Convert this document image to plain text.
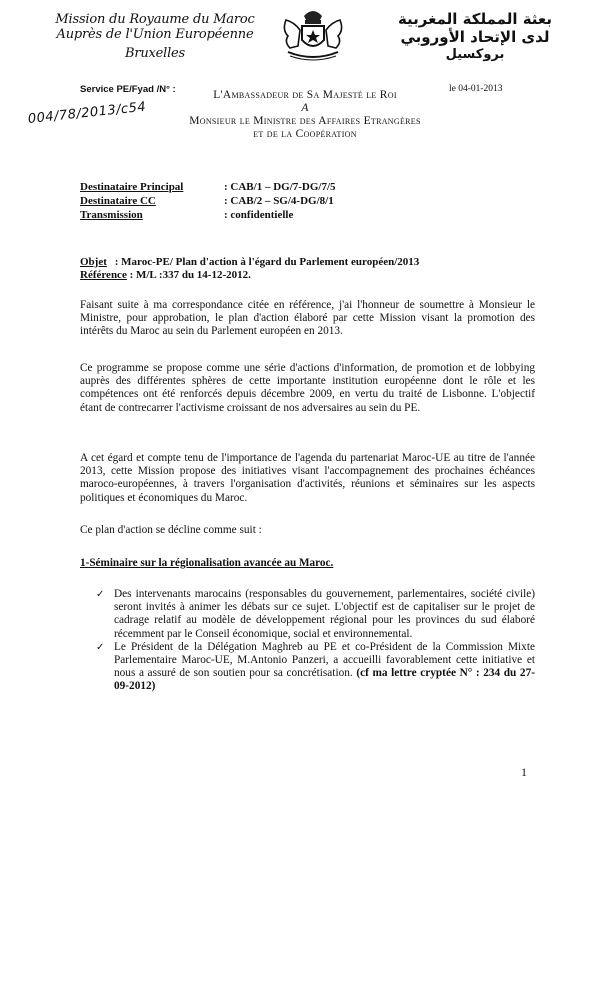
Mission du Royaume du Maroc
Auprès de l'Union Européenne
Bruxelles
بعثة المملكة المغربية
لدى الإتحاد الأوروبي
بروكسيل
Service PE/Fyad /N° :	le 04-01-2013
004/78/2013/c54
L'Ambassadeur de Sa Majesté le Roi
A
Monsieur le Ministre des Affaires Etrangères
et de la Coopération
Destinataire Principal	: CAB/1 – DG/7-DG/7/5
Destinataire CC	: CAB/2 – SG/4-DG/8/1
Transmission	: confidentielle
Objet : Maroc-PE/ Plan d'action à l'égard du Parlement européen/2013
Référence : M/L :337 du 14-12-2012.
Faisant suite à ma correspondance citée en référence, j'ai l'honneur de soumettre à Monsieur le Ministre, pour approbation, le plan d'action élaboré par cette Mission visant la promotion des intérêts du Maroc au sein du Parlement européen en 2013.
Ce programme se propose comme une série d'actions d'information, de promotion et de lobbying auprès des différentes sphères de cette importante institution européenne dont le rôle et les compétences ont été renforcés depuis décembre 2009, en vertu du traité de Lisbonne. L'objectif étant de contrecarrer l'activisme croissant de nos adversaires au sein du PE.
A cet égard et compte tenu de l'importance de l'agenda du partenariat Maroc-UE au titre de l'année 2013, cette Mission propose des initiatives visant l'accompagnement des prochaines échéances maroco-européennes, à travers l'organisation d'activités, réunions et séminaires sur les aspects politiques et économiques du Maroc.
Ce plan d'action se décline comme suit :
1-Séminaire sur la régionalisation avancée au Maroc.
✓ Des intervenants marocains (responsables du gouvernement, parlementaires, société civile) seront invités à animer les débats sur ce sujet. L'objectif est de capitaliser sur le projet de cadrage relatif au modèle de développement régional pour les provinces du sud élaboré récemment par le Conseil économique, social et environnemental.
✓ Le Président de la Délégation Maghreb au PE et co-Président de la Commission Mixte Parlementaire Maroc-UE, M.Antonio Panzeri, a accueilli favorablement cette initiative et nous a assuré de son soutien pour sa concrétisation. (cf ma lettre cryptée N° : 234 du 27-09-2012)
1
